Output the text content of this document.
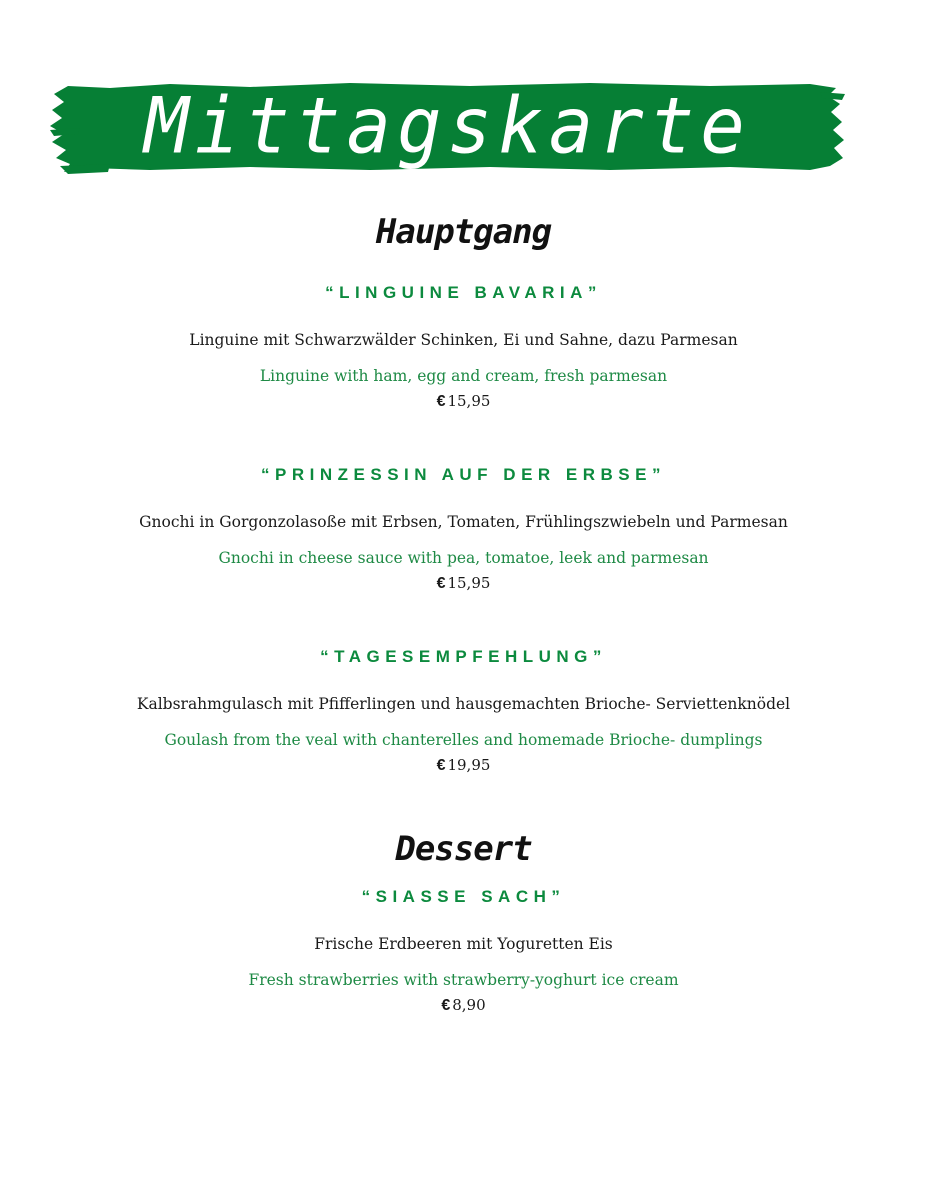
Mittagskarte
Hauptgang
“LINGUINE BAVARIA”
Linguine mit Schwarzwälder Schinken, Ei und Sahne, dazu Parmesan
Linguine with ham, egg and cream, fresh parmesan
€ 15,95
“PRINZESSIN AUF DER ERBSE”
Gnochi in Gorgonzolasoße mit Erbsen, Tomaten, Frühlingszwiebeln und Parmesan
Gnochi in cheese sauce with pea, tomatoe, leek and parmesan
€ 15,95
“TAGESEMPFEHLUNG”
Kalbsrahmgulasch mit Pfifferlingen und hausgemachten Brioche- Serviettenknödel
Goulash from the veal with chanterelles and homemade Brioche- dumplings
€ 19,95
Dessert
“SIASSE SACH”
Frische Erdbeeren mit Yoguretten Eis
Fresh strawberries with strawberry-yoghurt ice cream
€ 8,90
